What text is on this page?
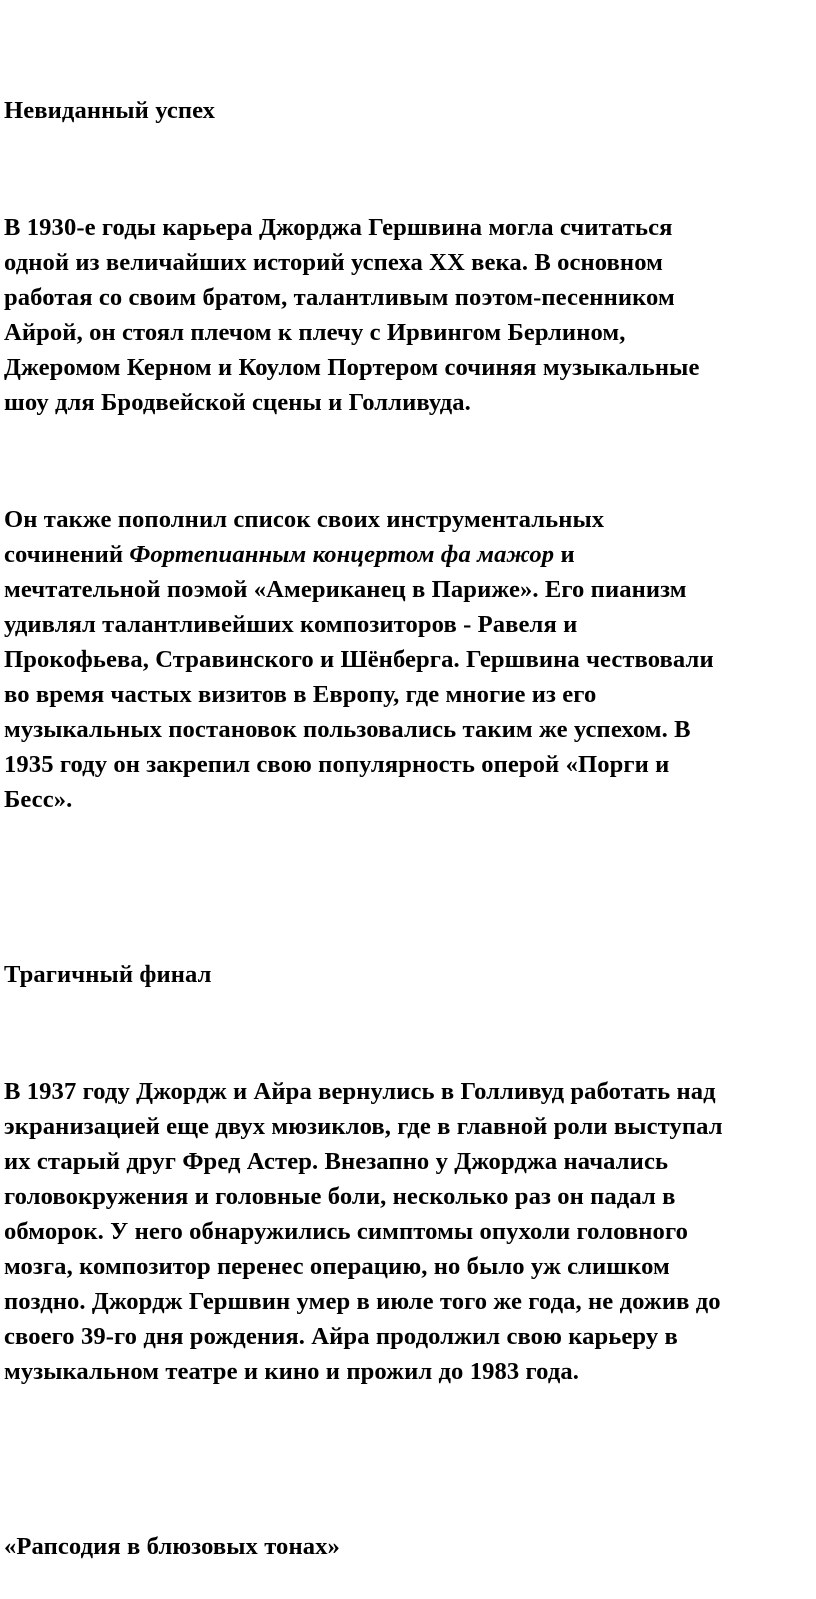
Невиданный успех

В 1930-е годы карьера Джорджа Гершвина могла считаться
одной из величайших историй успеха XX века. В основном
работая со своим братом, талантливым поэтом-песенником
Айрой, он стоял плечом к плечу с Ирвингом Берлином,
Джеромом Керном и Коулом Портером сочиняя музыкальные
шоу для Бродвейской сцены и Голливуда.

Он также пополнил список своих инструментальных
сочинений Фортепианным концертом фа мажор и
мечтательной поэмой «Американец в Париже». Его пианизм
удивлял талантливейших композиторов - Равеля и
Прокофьева, Стравинского и Шёнберга. Гершвина чествовали
во время частых визитов в Европу, где многие из его
музыкальных постановок пользовались таким же успехом. В
1935 году он закрепил свою популярность оперой «Порги и
Бесс».

Трагичный финал

В 1937 году Джордж и Айра вернулись в Голливуд работать над
экранизацией еще двух мюзиклов, где в главной роли выступал
их старый друг Фред Астер. Внезапно у Джорджа начались
головокружения и головные боли, несколько раз он падал в
обморок. У него обнаружились симптомы опухоли головного
мозга, композитор перенес операцию, но было уж слишком
поздно. Джордж Гершвин умер в июле того же года, не дожив до
своего 39-го дня рождения. Айра продолжил свою карьеру в
музыкальном театре и кино и прожил до 1983 года.

«Рапсодия в блюзовых тонах»
